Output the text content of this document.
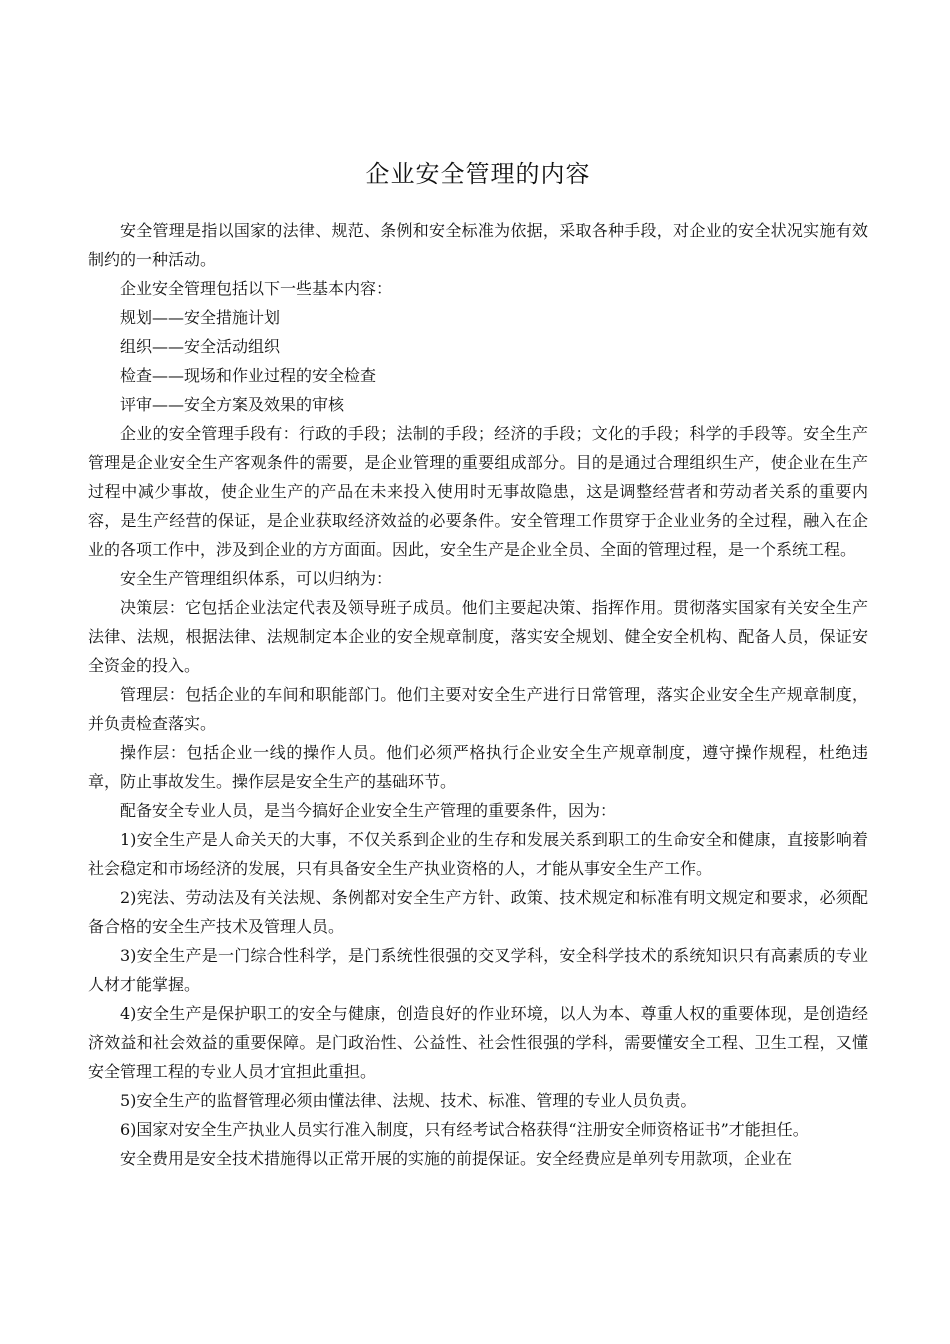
企业安全管理的内容

安全管理是指以国家的法律、规范、条例和安全标准为依据，采取各种手段，对企业的安全状况实施有效制约的一种活动。

企业安全管理包括以下一些基本内容：

规划——安全措施计划

组织——安全活动组织

检查——现场和作业过程的安全检查

评审——安全方案及效果的审核

企业的安全管理手段有：行政的手段；法制的手段；经济的手段；文化的手段；科学的手段等。安全生产管理是企业安全生产客观条件的需要，是企业管理的重要组成部分。目的是通过合理组织生产，使企业在生产过程中减少事故，使企业生产的产品在未来投入使用时无事故隐患，这是调整经营者和劳动者关系的重要内容，是生产经营的保证，是企业获取经济效益的必要条件。安全管理工作贯穿于企业业务的全过程，融入在企业的各项工作中，涉及到企业的方方面面。因此，安全生产是企业全员、全面的管理过程，是一个系统工程。

安全生产管理组织体系，可以归纳为：

决策层：它包括企业法定代表及领导班子成员。他们主要起决策、指挥作用。贯彻落实国家有关安全生产法律、法规，根据法律、法规制定本企业的安全规章制度，落实安全规划、健全安全机构、配备人员，保证安全资金的投入。

管理层：包括企业的车间和职能部门。他们主要对安全生产进行日常管理，落实企业安全生产规章制度，并负责检查落实。

操作层：包括企业一线的操作人员。他们必须严格执行企业安全生产规章制度，遵守操作规程，杜绝违章，防止事故发生。操作层是安全生产的基础环节。

配备安全专业人员，是当今搞好企业安全生产管理的重要条件，因为：

1)安全生产是人命关天的大事，不仅关系到企业的生存和发展关系到职工的生命安全和健康，直接影响着社会稳定和市场经济的发展，只有具备安全生产执业资格的人，才能从事安全生产工作。

2)宪法、劳动法及有关法规、条例都对安全生产方针、政策、技术规定和标准有明文规定和要求，必须配备合格的安全生产技术及管理人员。

3)安全生产是一门综合性科学，是门系统性很强的交叉学科，安全科学技术的系统知识只有高素质的专业人材才能掌握。

4)安全生产是保护职工的安全与健康，创造良好的作业环境，以人为本、尊重人权的重要体现，是创造经济效益和社会效益的重要保障。是门政治性、公益性、社会性很强的学科，需要懂安全工程、卫生工程，又懂安全管理工程的专业人员才宜担此重担。

5)安全生产的监督管理必须由懂法律、法规、技术、标准、管理的专业人员负责。

6)国家对安全生产执业人员实行准入制度，只有经考试合格获得“注册安全师资格证书”才能担任。

安全费用是安全技术措施得以正常开展的实施的前提保证。安全经费应是单列专用款项，企业在
